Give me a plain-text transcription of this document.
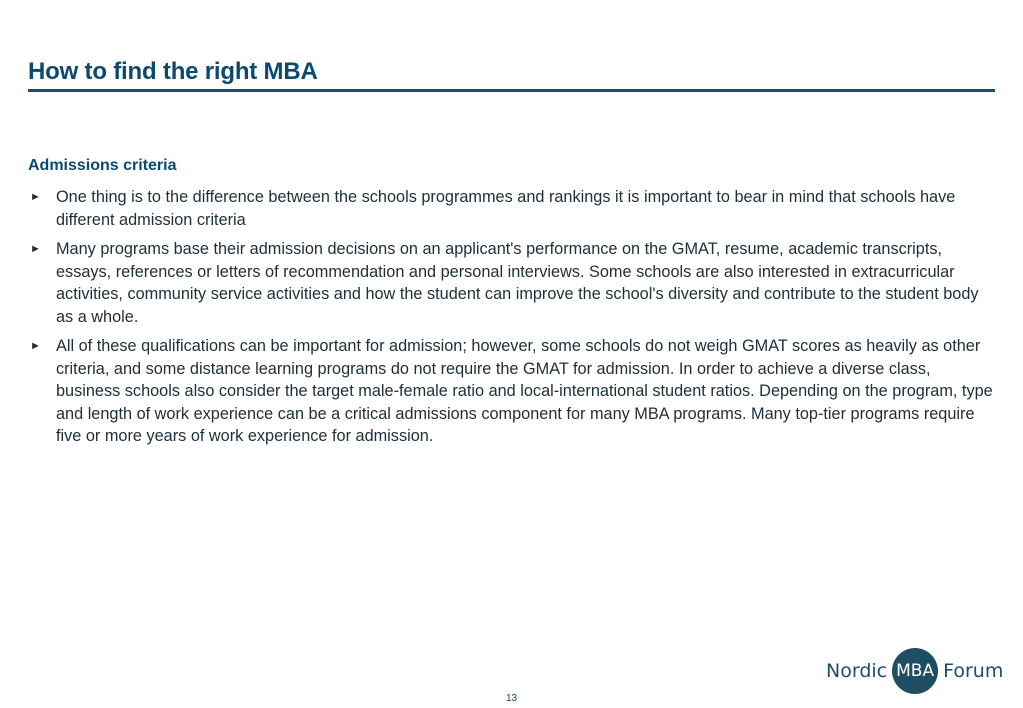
How to find the right MBA
Admissions criteria
► One thing is to the difference between the schools programmes and rankings it is important to bear in mind that schools have different admission criteria
► Many programs base their admission decisions on an applicant's performance on the GMAT, resume, academic transcripts, essays, references or letters of recommendation and personal interviews. Some schools are also interested in extracurricular activities, community service activities and how the student can improve the school's diversity and contribute to the student body as a whole.
► All of these qualifications can be important for admission; however, some schools do not weigh GMAT scores as heavily as other criteria, and some distance learning programs do not require the GMAT for admission. In order to achieve a diverse class, business schools also consider the target male-female ratio and local-international student ratios. Depending on the program, type and length of work experience can be a critical admissions component for many MBA programs. Many top-tier programs require five or more years of work experience for admission.
Nordic MBA Forum
13
